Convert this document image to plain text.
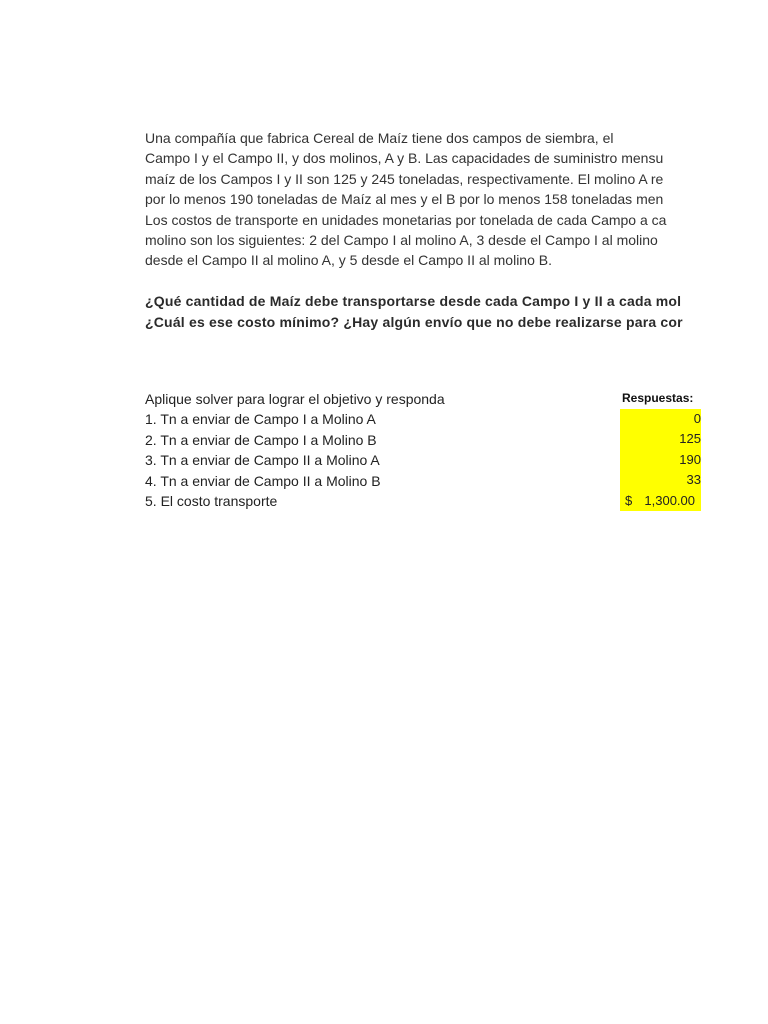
Una compañía que fabrica Cereal de Maíz tiene dos campos de siembra, el
Campo I y el Campo II, y dos molinos, A y B. Las capacidades de suministro mensu
maíz de los Campos I y II son 125 y 245 toneladas, respectivamente. El molino A re
por lo menos 190 toneladas de Maíz al mes y el B por lo menos 158 toneladas men
Los costos de transporte en unidades monetarias por tonelada de cada Campo a ca
molino son los siguientes: 2 del Campo I al molino A, 3 desde el Campo I al molino
desde el Campo II al molino A, y 5 desde el Campo II al molino B.
¿Qué cantidad de Maíz debe transportarse desde cada Campo I y II a cada mol
¿Cuál es ese costo mínimo? ¿Hay algún envío que no debe realizarse para cor
Aplique solver para lograr el objetivo y responda
1. Tn a enviar de Campo I a Molino A
2. Tn a enviar de Campo I a Molino B
3. Tn a enviar de Campo II a Molino A
4. Tn a enviar de Campo II a Molino B
5. El costo transporte
Respuestas:
0
125
190
33
$ 1,300.00
